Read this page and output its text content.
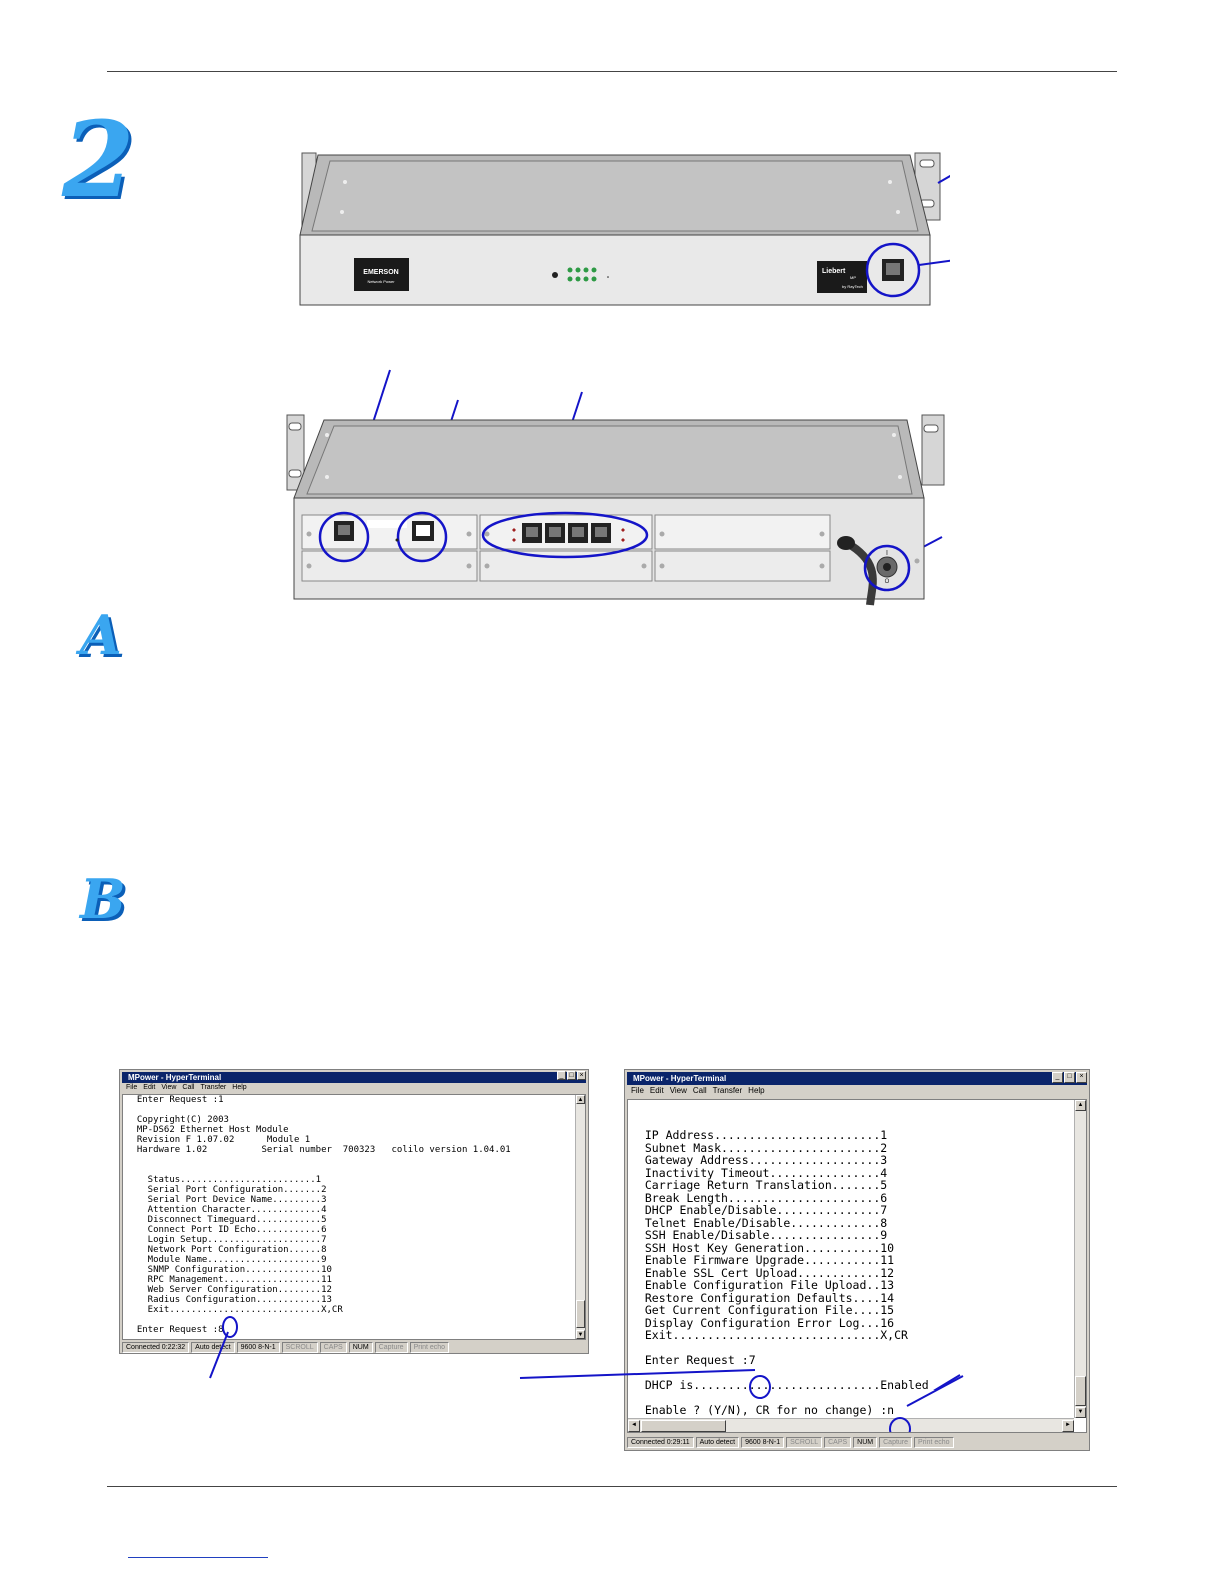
2
A
B
EMERSON
Network Power
Liebert
MP
by RayTech
I
O
MPower - HyperTerminal	_ □ ×
File Edit View Call Transfer Help
Enter Request :1

Copyright(C) 2003
MP-DS62 Ethernet Host Module
Revision F 1.07.02      Module 1
Hardware 1.02          Serial number  700323   colilo version 1.04.01

Status.........................1
Serial Port Configuration.......2
Serial Port Device Name.........3
Attention Character.............4
Disconnect Timeguard............5
Connect Port ID Echo............6
Login Setup.....................7
Network Port Configuration......8
Module Name.....................9
SNMP Configuration..............10
RPC Management..................11
Web Server Configuration........12
Radius Configuration............13
Exit............................X,CR

Enter Request :8
▲
▼
Connected 0:22:32	Auto detect	9600 8-N-1	SCROLL	CAPS	NUM	Capture	Print echo
MPower - HyperTerminal	_	□	×
File Edit View Call Transfer Help

IP Address........................1
Subnet Mask.......................2
Gateway Address...................3
Inactivity Timeout................4
Carriage Return Translation.......5
Break Length......................6
DHCP Enable/Disable...............7
Telnet Enable/Disable.............8
SSH Enable/Disable................9
SSH Host Key Generation...........10
Enable Firmware Upgrade...........11
Enable SSL Cert Upload............12
Enable Configuration File Upload..13
Restore Configuration Defaults....14
Get Current Configuration File....15
Display Configuration Error Log...16
Exit..............................X,CR

Enter Request :7

DHCP is...........................Enabled

Enable ? (Y/N), CR for no change) :n
▲
▼
◄	►
Connected 0:29:11	Auto detect	9600 8-N-1	SCROLL	CAPS	NUM	Capture	Print echo
